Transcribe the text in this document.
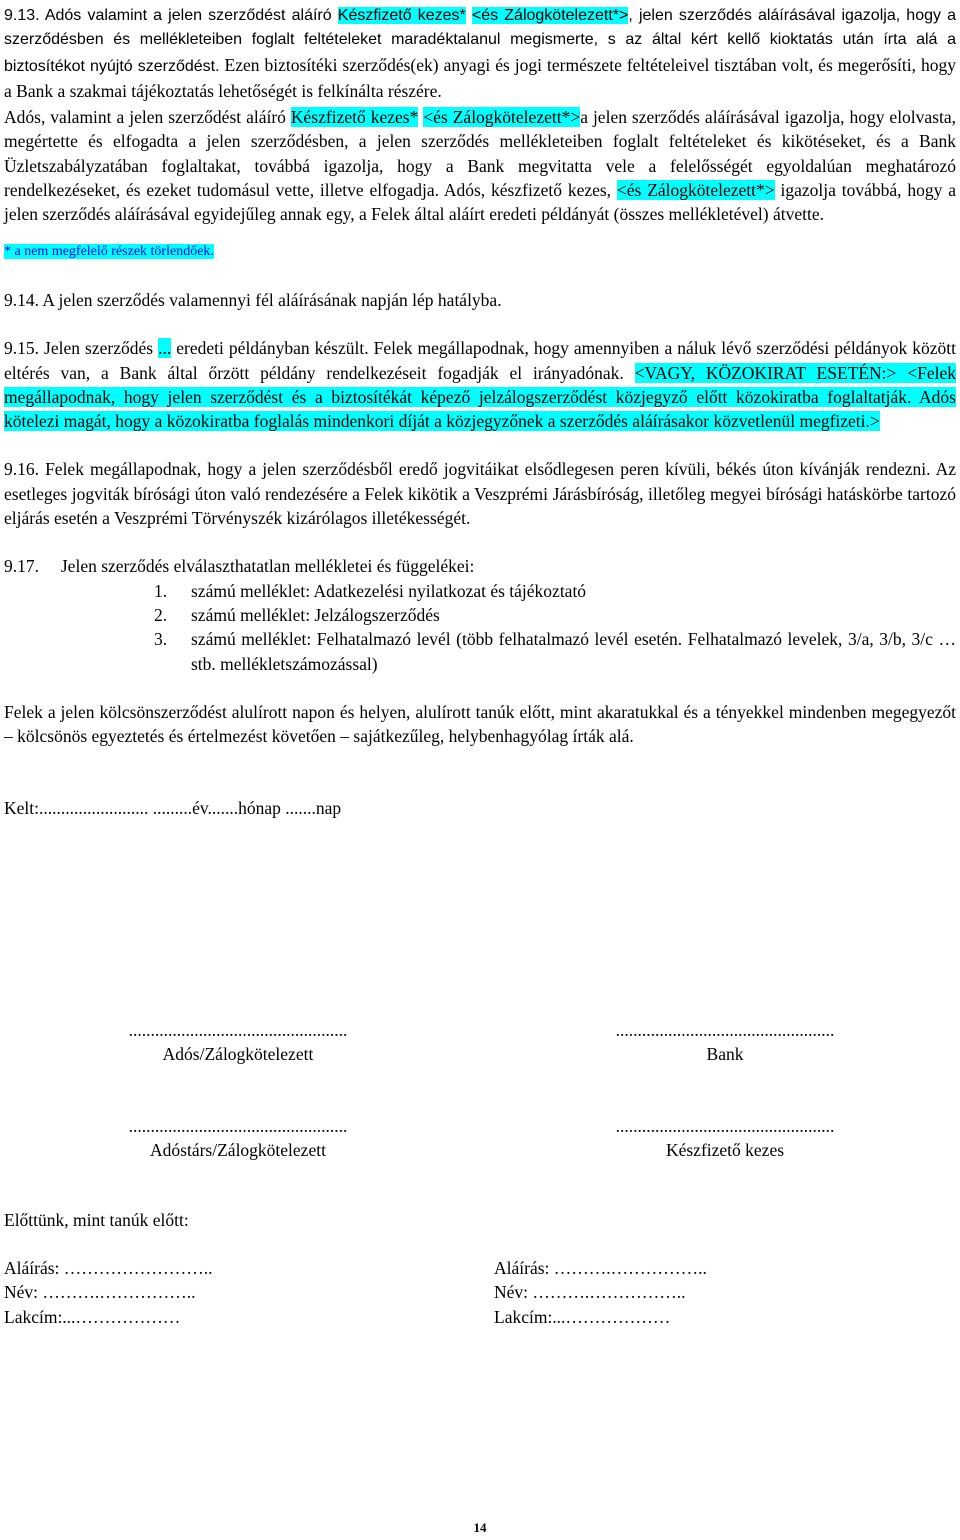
9.13. Adós valamint a jelen szerződést aláíró Készfizető kezes* <és Zálogkötelezett*>, jelen szerződés aláírásával igazolja, hogy a szerződésben és mellékleteiben foglalt feltételeket maradéktalanul megismerte, s az által kért kellő kioktatás után írta alá a biztosítékot nyújtó szerződést. Ezen biztosítéki szerződés(ek) anyagi és jogi természete feltételeivel tisztában volt, és megerősíti, hogy a Bank a szakmai tájékoztatás lehetőségét is felkínálta részére.

Adós, valamint a jelen szerződést aláíró Készfizető kezes* <és Zálogkötelezett*>a jelen szerződés aláírásával igazolja, hogy elolvasta, megértette és elfogadta a jelen szerződésben, a jelen szerződés mellékleteiben foglalt feltételeket és kikötéseket, és a Bank Üzletszabályzatában foglaltakat, továbbá igazolja, hogy a Bank megvitatta vele a felelősségét egyoldalúan meghatározó rendelkezéseket, és ezeket tudomásul vette, illetve elfogadja. Adós, készfizető kezes, <és Zálogkötelezett*> igazolja továbbá, hogy a jelen szerződés aláírásával egyidejűleg annak egy, a Felek által aláírt eredeti példányát (összes mellékletével) átvette.

* a nem megfelelő részek törlendőek.

9.14. A jelen szerződés valamennyi fél aláírásának napján lép hatályba.

9.15. Jelen szerződés ... eredeti példányban készült. Felek megállapodnak, hogy amennyiben a náluk lévő szerződési példányok között eltérés van, a Bank által őrzött példány rendelkezéseit fogadják el irányadónak. <VAGY, KÖZOKIRAT ESETÉN:> <Felek megállapodnak, hogy jelen szerződést és a biztosítékát képező jelzálogszerződést közjegyző előtt közokiratba foglaltatják. Adós kötelezi magát, hogy a közokiratba foglalás mindenkori díját a közjegyzőnek a szerződés aláírásakor közvetlenül megfizeti.>

9.16. Felek megállapodnak, hogy a jelen szerződésből eredő jogvitáikat elsődlegesen peren kívüli, békés úton kívánják rendezni. Az esetleges jogviták bírósági úton való rendezésére a Felek kikötik a Veszprémi Járásbíróság, illetőleg megyei bírósági hatáskörbe tartozó eljárás esetén a Veszprémi Törvényszék kizárólagos illetékességét.

9.17.     Jelen szerződés elválaszthatatlan mellékletei és függelékei:

1.	számú melléklet: Adatkezelési nyilatkozat és tájékoztató
2.	számú melléklet: Jelzálogszerződés
3.	számú melléklet: Felhatalmazó levél (több felhatalmazó levél esetén. Felhatalmazó levelek, 3/a, 3/b, 3/c …stb. mellékletszámozással)

Felek a jelen kölcsönszerződést alulírott napon és helyen, alulírott tanúk előtt, mint akaratukkal és a tényekkel mindenben megegyezőt – kölcsönös egyeztetés és értelmezést követően – sajátkezűleg, helybenhagyólag írták alá.

Kelt:......................... .........év.......hónap .......nap

..................................................
Adós/Zálogkötelezett
..................................................
Bank
..................................................
Adóstárs/Zálogkötelezett
..................................................
Készfizető kezes
Előttünk, mint tanúk előtt:
Aláírás: ……………………..
Név: ……….……………..
Lakcím:...………………
Aláírás: ……….……………..
Név: ……….……………..
Lakcím:...………………
14
